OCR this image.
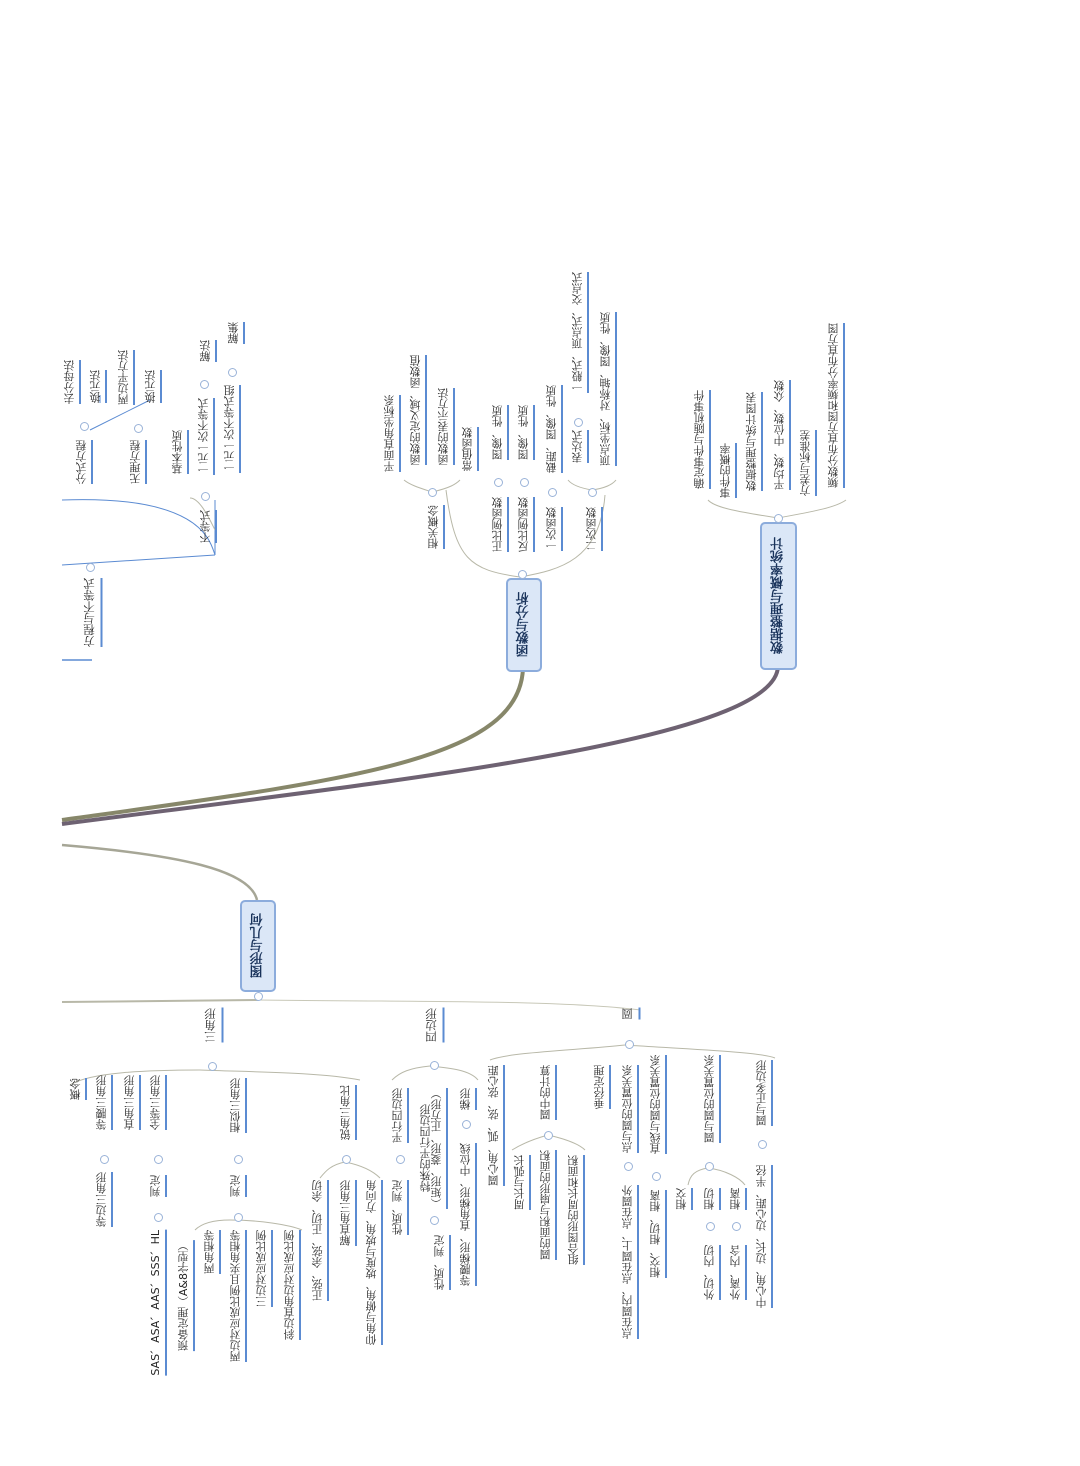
图形与几何
函数与分析	数据整理与概率统计
方程与不等式
分式方程
去分母法	换元法
无理方程
两边平方法	换元法
不等式
基本性质	一元一次不等式
解法
一元一次不等式组
解集
相关概念
平面直角坐标系	函数的定义域、函数值	函数的表示方法	常值函数
正比例函数
图像、性质
反比例函数
图像、性质
一次函数
截距、图像、性质
二次函数
表达式
一般式、顶点式、交点式	顶点坐标、对称轴、图像、性质	确定事件与随机事件	事件的概率	数据整理与统计图表	平均数、中位数、众数	方差与标准差	频数分布直方图和频率分布直方图
三角形	四边形	圆
概念	等腰三角形
等边三角形
直角三角形	全等三角形
判定
SAS、ASA、AAS、SSS、HL	预备定理（A&8字型）
相似三角形
判定
两角相等	两边对应成比例且夹角相等	三边对应成比例	斜边直角边对应成比例
锐角三角比
正弦、余弦、正切、余切	解直角三角形	仰角与俯角、坡度与坡角、方向角
平行四边形
性质、判定
特殊的平行四边形
（矩形、菱形、正方形）
性质、判定
梯形
等腰梯形、直角梯形、中位线
圆心角、弧、弦、弦心距	圆中的计算
周长与弧长	圆的面积与扇形的面积	组合图形的周长和面积
垂径定理	点与圆的位置关系
点在圆内、点在圆上、点在圆外
直线与圆的位置关系
相交、相切、相离
圆与圆的位置关系
相交	相切
外切、内切
相离
外离、内含
圆与正多边形
中心角、边长、边心距、半径
